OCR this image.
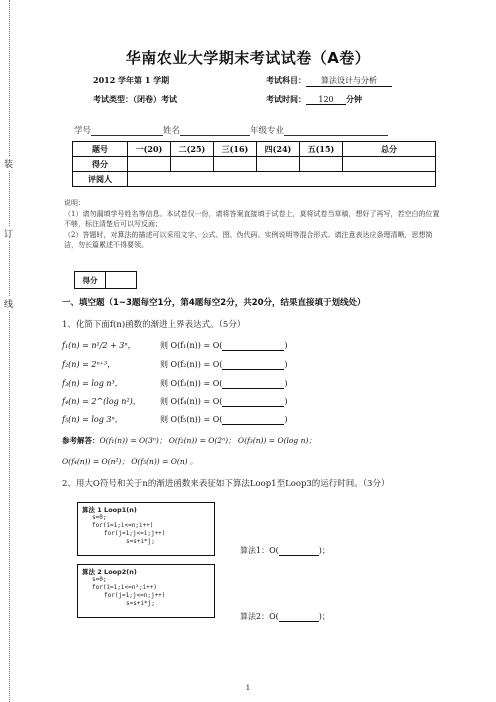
装
订
线
华南农业大学期末考试试卷（A卷）
2012 学年第 1 学期	考试科目： 算法设计与分析
考试类型：（闭卷）考试	考试时间： 120 分钟
学号	姓名	年级专业
题号	一(20)	二(25)	三(16)	四(24)	五(15)	总分
得分						
评阅人						
说明：
（1）请勿漏填学号姓名等信息。本试卷仅一份，请将答案直接填于试卷上，莫将试卷当草稿，想好了再写，若空白的位置不够，标注清楚后可以写反面；
（2）答题时，对算法的描述可以采用文字、公式、图、伪代码、实例说明等混合形式。请注意表达应条理清晰，思想简洁，勿长篇累述不得要领。
得分	
一、填空题（1~3题每空1分，第4题每空2分，共20分，结果直接填于划线处）
1、化简下面f(n)函数的渐进上界表达式。（5分）
f₁(n) = n²/2 + 3ⁿ，	则 O(f₁(n)) = O(	)
f₂(n) = 2ⁿ⁺³，	则 O(f₂(n)) = O(	)
f₃(n) = log n³，	则 O(f₃(n)) = O(	)
f₄(n) = 2^(log n²)， 则 O(f₄(n)) = O(	)
f₅(n) = log 3ⁿ，	则 O(f₅(n)) = O(	)
参考解答：O(f₁(n)) = O(3ⁿ)； O(f₂(n)) = O(2ⁿ)； O(f₃(n)) = O(log n)；
O(f₄(n)) = O(n²)； O(f₅(n)) = O(n) 。
2、用大O符号和关于n的渐进函数来表征如下算法Loop1至Loop3的运行时间。（3分）
算法 1 Loop1(n)
s=0;
for(i=1;i<=n;i++)
for(j=1;j<=i;j++)
s=s+i*j;
算法1：O(	)；
算法 2 Loop2(n)
s=0;
for(i=1;i<=n²;i++)
for(j=1;j<=n;j++)
s=s+i*j;
算法2：O(	)；
1
